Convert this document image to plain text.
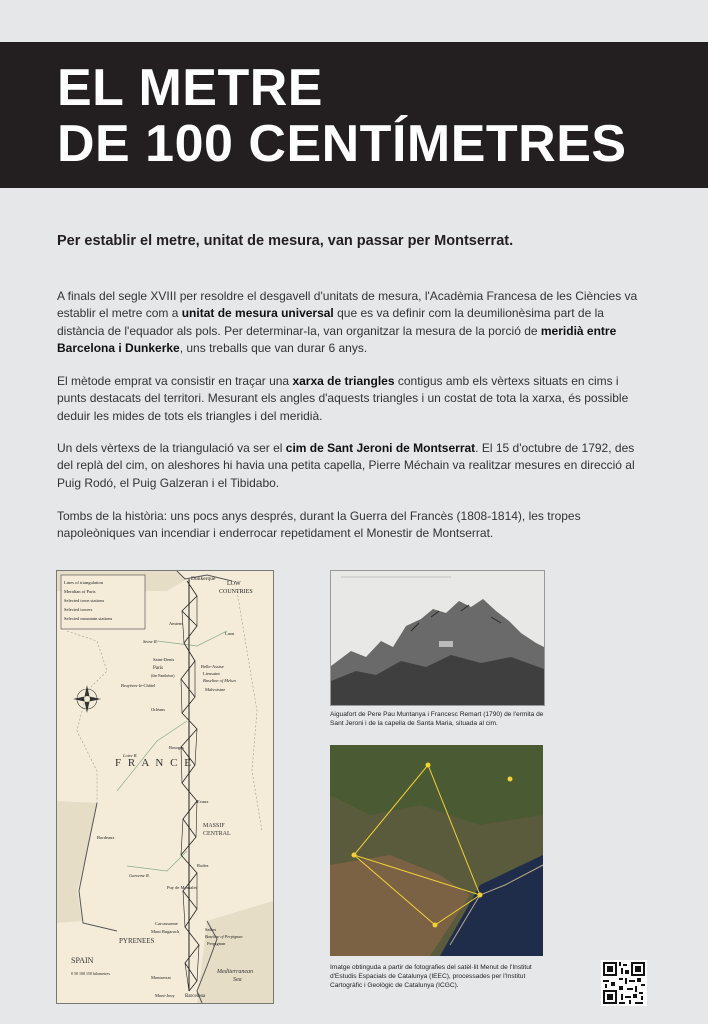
EL METRE
DE 100 CENTÍMETRES

Per establir el metre, unitat de mesura, van passar per Montserrat.

A finals del segle XVIII per resoldre el desgavell d'unitats de mesura, l'Acadèmia Francesa de les Ciències va establir el metre com a unitat de mesura universal que es va definir com la deumilionèsima part de la distància de l'equador als pols. Per determinar-la, van organitzar la mesura de la porció de meridià entre Barcelona i Dunkerke, uns treballs que van durar 6 anys.

El mètode emprat va consistir en traçar una xarxa de triangles contigus amb els vèrtexs situats en cims i punts destacats del territori. Mesurant els angles d'aquests triangles i un costat de tota la xarxa, és possible deduir les mides de tots els triangles i del meridià.

Un dels vèrtexs de la triangulació va ser el cim de Sant Jeroni de Montserrat. El 15 d'octubre de 1792, des del replà del cim, on aleshores hi havia una petita capella, Pierre Méchain va realitzar mesures en direcció al Puig Rodó, el Puig Galzeran i el Tibidabo.

Tombs de la història: uns pocs anys després, durant la Guerra del Francès (1808-1814), les tropes napoleòniques van incendiar i enderrocar repetidament el Monestir de Montserrat.

Lines of triangulation
Meridian of Paris
Selected town stations
Selected towers
Selected mountain stations
Dunkerque
LOW
COUNTRIES
Amiens
Laon
Saint-Denis
Paris
(the Panthéon)
Belle-Assise
Lieusaint
Baseline of Melun
Bruyères-le-Châtel
Malvoisine
Orléans
Loire R.
Seine R.
Bourges
F R A N C E
Evaux
MASSIF
CENTRAL
Bordeaux
Garonne R.
Rodez
Puy de Montalet
Carcassonne
Mont Bugarach	Salses
Baseline of Perpignan
Perpignan
PYRENEES
SPAIN
Mediterranean
Sea
Montserrat
Mont-Jouy Barcelona
0 50 100 150 kilometres

Aiguafort de Pere Pau Muntanya i Francesc Remart (1790) de l'ermita de Sant Jeroni i de la capella de Santa Maria, situada al cim.

Imatge obtinguda a partir de fotografies del satèl·lit Menut de l'Institut d'Estudis Espacials de Catalunya (IEEC), processades per l'Institut Cartogràfic i Geològic de Catalunya (ICGC).
